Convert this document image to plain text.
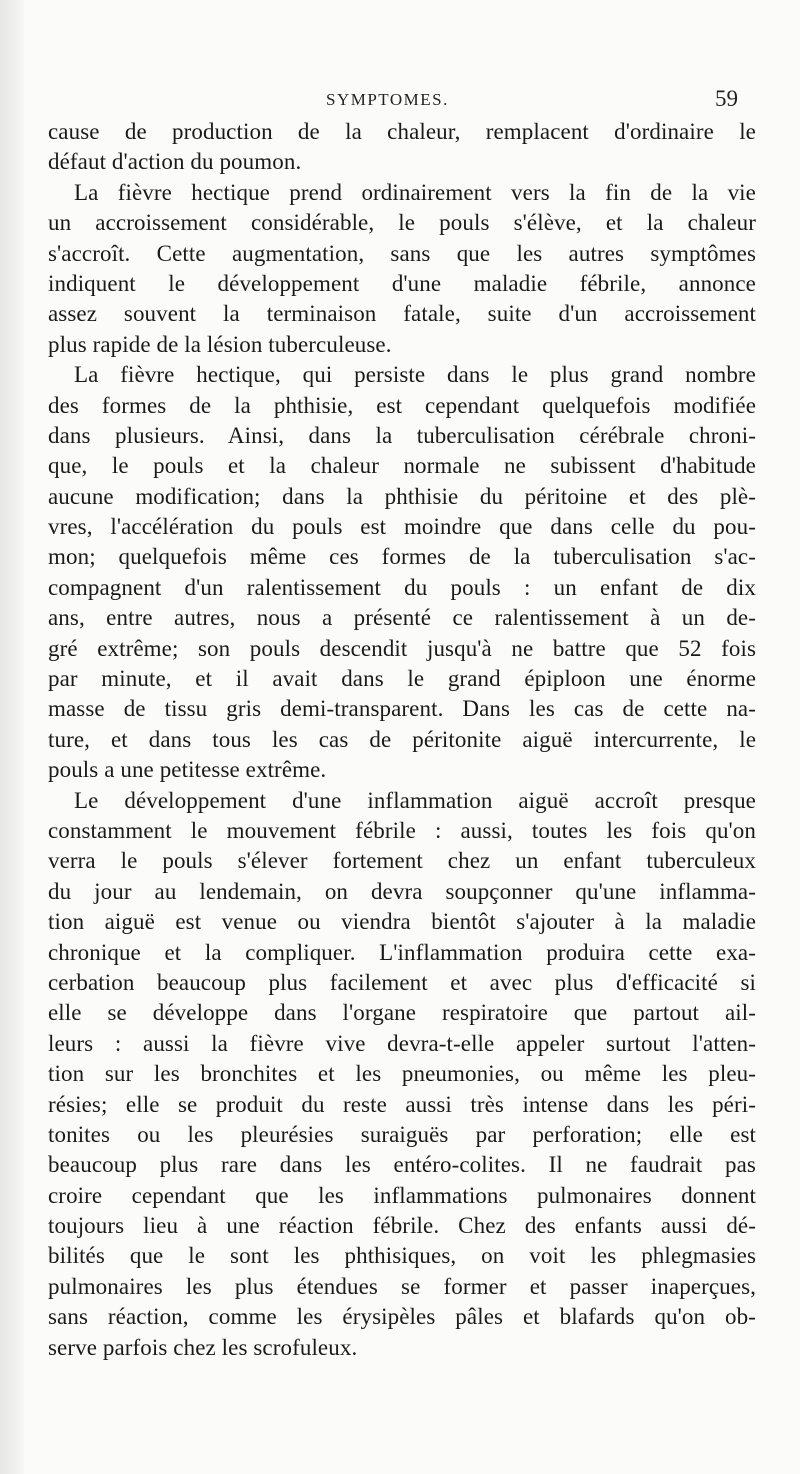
SYMPTOMES.	59
cause de production de la chaleur, remplacent d'ordinaire le
défaut d'action du poumon.
La fièvre hectique prend ordinairement vers la fin de la vie
un accroissement considérable, le pouls s'élève, et la chaleur
s'accroît. Cette augmentation, sans que les autres symptômes
indiquent le développement d'une maladie fébrile, annonce
assez souvent la terminaison fatale, suite d'un accroissement
plus rapide de la lésion tuberculeuse.
La fièvre hectique, qui persiste dans le plus grand nombre
des formes de la phthisie, est cependant quelquefois modifiée
dans plusieurs. Ainsi, dans la tuberculisation cérébrale chroni-
que, le pouls et la chaleur normale ne subissent d'habitude
aucune modification; dans la phthisie du péritoine et des plè-
vres, l'accélération du pouls est moindre que dans celle du pou-
mon; quelquefois même ces formes de la tuberculisation s'ac-
compagnent d'un ralentissement du pouls : un enfant de dix
ans, entre autres, nous a présenté ce ralentissement à un de-
gré extrême; son pouls descendit jusqu'à ne battre que 52 fois
par minute, et il avait dans le grand épiploon une énorme
masse de tissu gris demi-transparent. Dans les cas de cette na-
ture, et dans tous les cas de péritonite aiguë intercurrente, le
pouls a une petitesse extrême.
Le développement d'une inflammation aiguë accroît presque
constamment le mouvement fébrile : aussi, toutes les fois qu'on
verra le pouls s'élever fortement chez un enfant tuberculeux
du jour au lendemain, on devra soupçonner qu'une inflamma-
tion aiguë est venue ou viendra bientôt s'ajouter à la maladie
chronique et la compliquer. L'inflammation produira cette exa-
cerbation beaucoup plus facilement et avec plus d'efficacité si
elle se développe dans l'organe respiratoire que partout ail-
leurs : aussi la fièvre vive devra-t-elle appeler surtout l'atten-
tion sur les bronchites et les pneumonies, ou même les pleu-
résies; elle se produit du reste aussi très intense dans les péri-
tonites ou les pleurésies suraiguës par perforation; elle est
beaucoup plus rare dans les entéro-colites. Il ne faudrait pas
croire cependant que les inflammations pulmonaires donnent
toujours lieu à une réaction fébrile. Chez des enfants aussi dé-
bilités que le sont les phthisiques, on voit les phlegmasies
pulmonaires les plus étendues se former et passer inaperçues,
sans réaction, comme les érysipèles pâles et blafards qu'on ob-
serve parfois chez les scrofuleux.
